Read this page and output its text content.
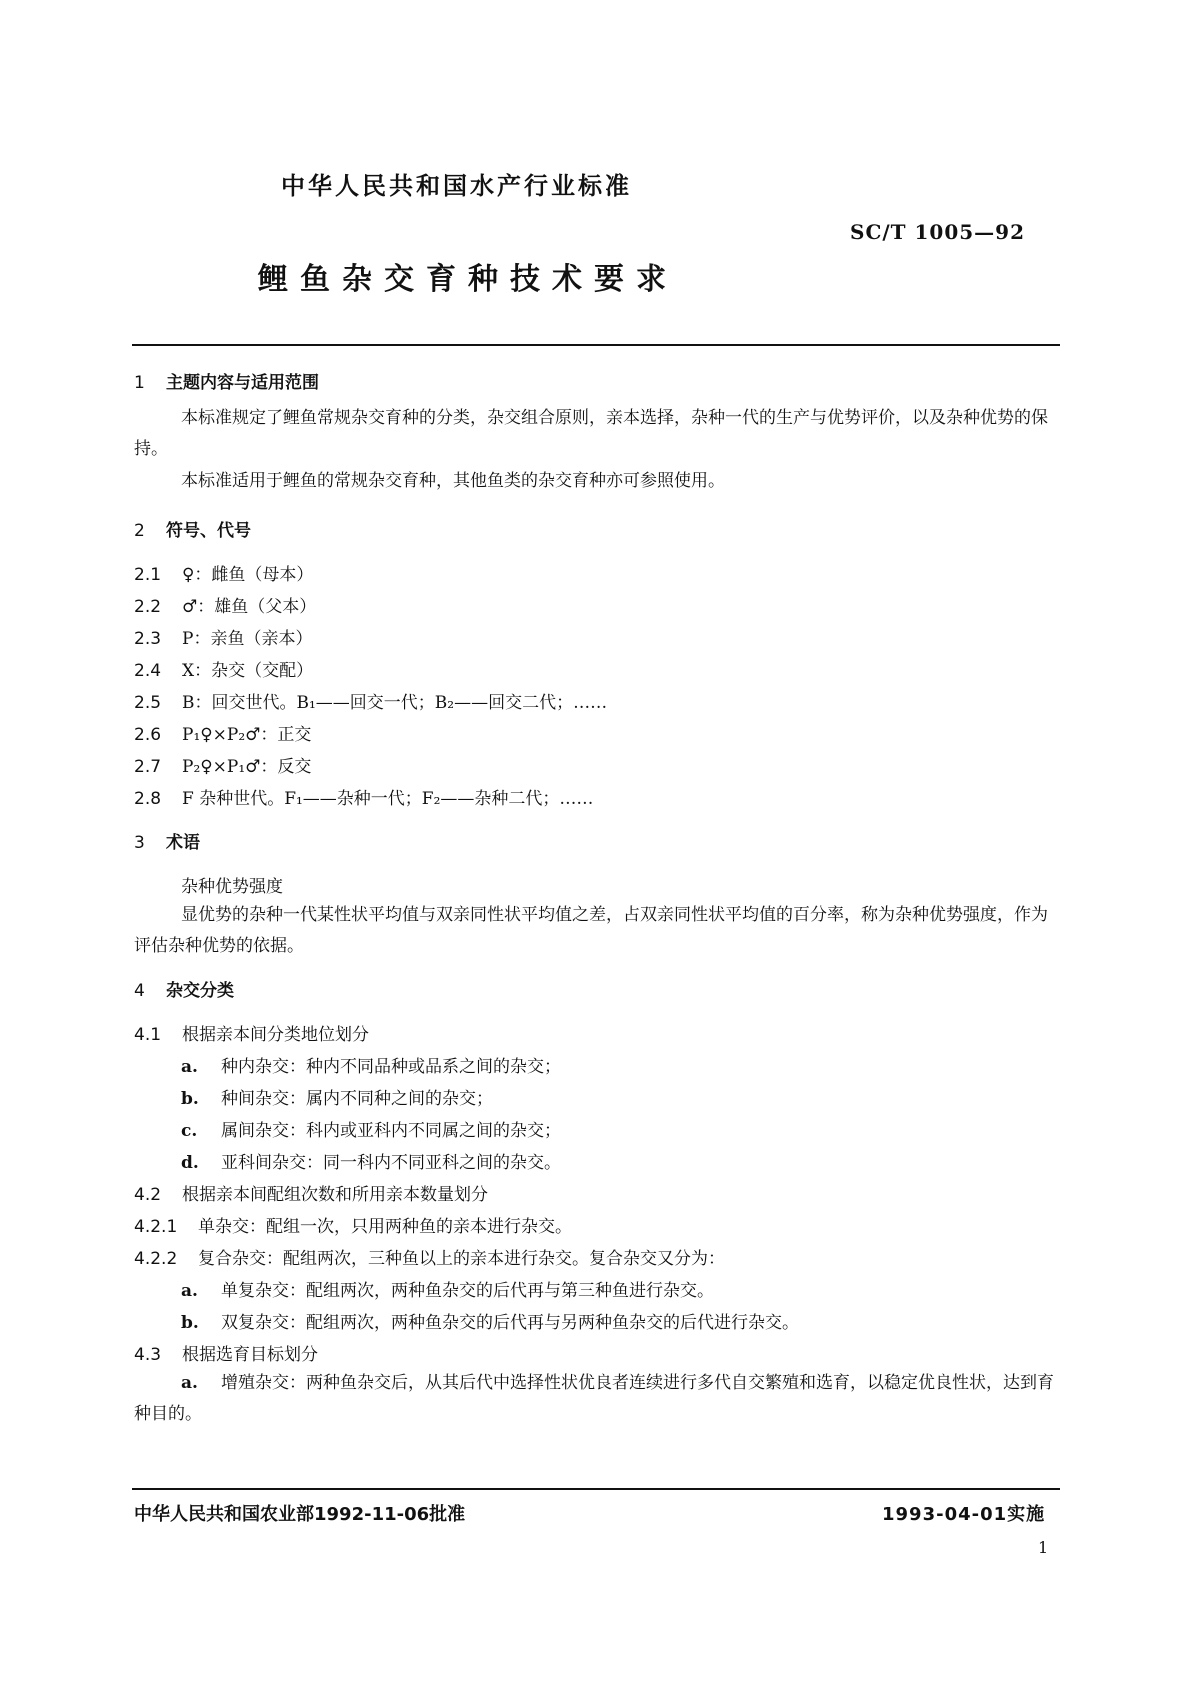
中华人民共和国水产行业标准
SC/T 1005—92
鲤鱼杂交育种技术要求
1 主题内容与适用范围
本标准规定了鲤鱼常规杂交育种的分类，杂交组合原则，亲本选择，杂种一代的生产与优势评价，以及杂种优势的保持。
本标准适用于鲤鱼的常规杂交育种，其他鱼类的杂交育种亦可参照使用。
2 符号、代号
2.1 ♀：雌鱼（母本）
2.2 ♂：雄鱼（父本）
2.3 P：亲鱼（亲本）
2.4 X：杂交（交配）
2.5 B：回交世代。B₁——回交一代；B₂——回交二代；……
2.6 P₁♀×P₂♂：正交
2.7 P₂♀×P₁♂：反交
2.8 F 杂种世代。F₁——杂种一代；F₂——杂种二代；……
3 术语
杂种优势强度
显优势的杂种一代某性状平均值与双亲同性状平均值之差，占双亲同性状平均值的百分率，称为杂种优势强度，作为评估杂种优势的依据。
4 杂交分类
4.1 根据亲本间分类地位划分
a. 种内杂交：种内不同品种或品系之间的杂交；
b. 种间杂交：属内不同种之间的杂交；
c. 属间杂交：科内或亚科内不同属之间的杂交；
d. 亚科间杂交：同一科内不同亚科之间的杂交。
4.2 根据亲本间配组次数和所用亲本数量划分
4.2.1 单杂交：配组一次，只用两种鱼的亲本进行杂交。
4.2.2 复合杂交：配组两次，三种鱼以上的亲本进行杂交。复合杂交又分为：
a. 单复杂交：配组两次，两种鱼杂交的后代再与第三种鱼进行杂交。
b. 双复杂交：配组两次，两种鱼杂交的后代再与另两种鱼杂交的后代进行杂交。
4.3 根据选育目标划分
a. 增殖杂交：两种鱼杂交后，从其后代中选择性状优良者连续进行多代自交繁殖和选育，以稳定优良性状，达到育种目的。
中华人民共和国农业部1992-11-06批准	1993-04-01实施
1
